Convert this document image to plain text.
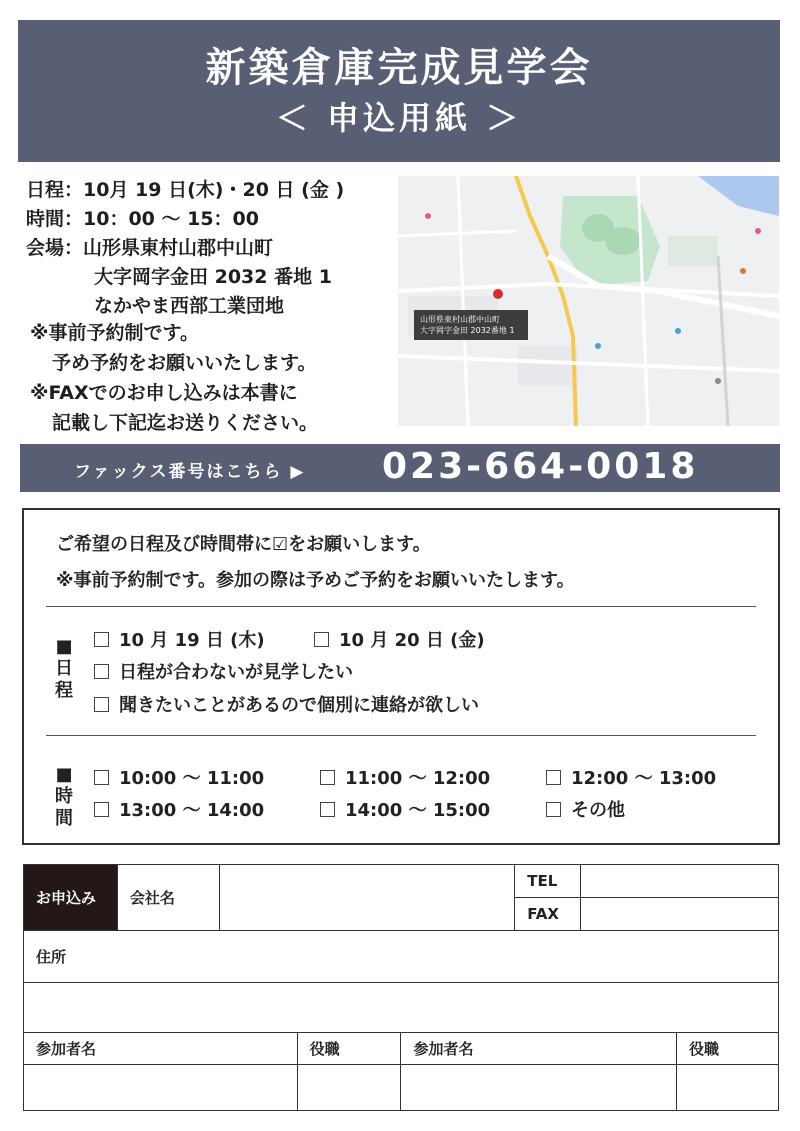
新築倉庫完成見学会
＜ 申込用紙 ＞
日程：10月 19 日(木)・20 日 (金 )
時間：10：00 ～ 15：00
会場：山形県東村山郡中山町
大字岡字金田 2032 番地 1
なかやま西部工業団地
※事前予約制です。
予め予約をお願いいたします。
※FAXでのお申し込みは本書に
記載し下記迄お送りください。
山形県東村山郡中山町
大字岡字金田 2032番地 1
ファックス番号はこちら ▶ 023-664-0018
ご希望の日程及び時間帯に☑をお願いします。
※事前予約制です。参加の際は予めご予約をお願いいたします。
■
日
程
10 月 19 日 (木)	10 月 20 日 (金)
日程が合わないが見学したい
聞きたいことがあるので個別に連絡が欲しい
■
時
間
10:00 ～ 11:00	11:00 ～ 12:00	12:00 ～ 13:00
13:00 ～ 14:00	14:00 ～ 15:00	その他
お申込み	会社名				TEL		
					FAX		
住所							

参加者名			役職	参加者名			役職
